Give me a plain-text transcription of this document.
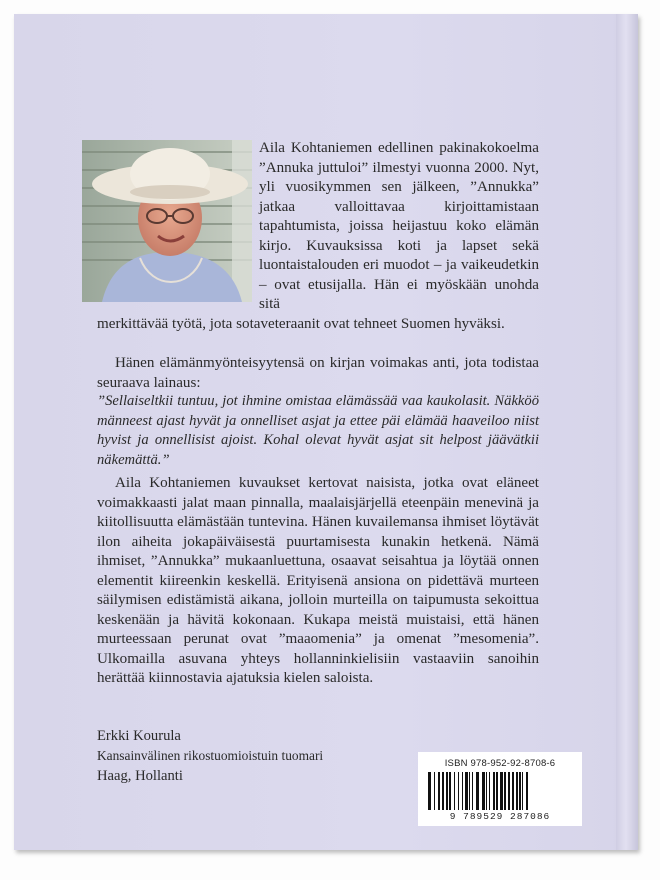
Aila Kohtaniemen edellinen pakinakokoelma ”Annuka juttuloi” ilmestyi vuonna 2000. Nyt, yli vuosikymmen sen jälkeen, ”Annukka” jatkaa valloittavaa kirjoittamistaan tapahtumista, joissa heijastuu koko elämän kirjo. Kuvauksissa koti ja lapset sekä luontaistalouden eri muodot – ja vaikeudetkin – ovat etusijalla. Hän ei myöskään unohda sitä
merkittävää työtä, jota sotaveteraanit ovat tehneet Suomen hyväksi.
Hänen elämänmyönteisyytensä on kirjan voimakas anti, jota todistaa seuraava lainaus:
”Sellaiseltkii tuntuu, jot ihmine omistaa elämässää vaa kaukolasit. Näkköö männeest ajast hyvät ja onnelliset asjat ja ettee päi elämää haaveiloo niist hyvist ja onnellisist ajoist. Kohal olevat hyvät asjat sit helpost jäävätkii näkemättä.”
Aila Kohtaniemen kuvaukset kertovat naisista, jotka ovat eläneet voimakkaasti jalat maan pinnalla, maalaisjärjellä eteenpäin menevinä ja kiitollisuutta elämästään tuntevina. Hänen kuvailemansa ihmiset löytävät ilon aiheita jokapäiväisestä puurtamisesta kunakin hetkenä. Nämä ihmiset, ”Annukka” mukaanluettuna, osaavat seisahtua ja löytää onnen elementit kiireenkin keskellä. Erityisenä ansiona on pidettävä murteen säilymisen edistämistä aikana, jolloin murteilla on taipumusta sekoittua keskenään ja hävitä kokonaan. Kukapa meistä muistaisi, että hänen murteessaan perunat ovat ”maaomenia” ja omenat ”mesomenia”. Ulkomailla asuvana yhteys hollanninkielisiin vastaaviin sanoihin herättää kiinnostavia ajatuksia kielen saloista.
Erkki Kourula
Kansainvälinen rikostuomioistuin tuomari
Haag, Hollanti
ISBN 978-952-92-8708-6
9 789529 287086
